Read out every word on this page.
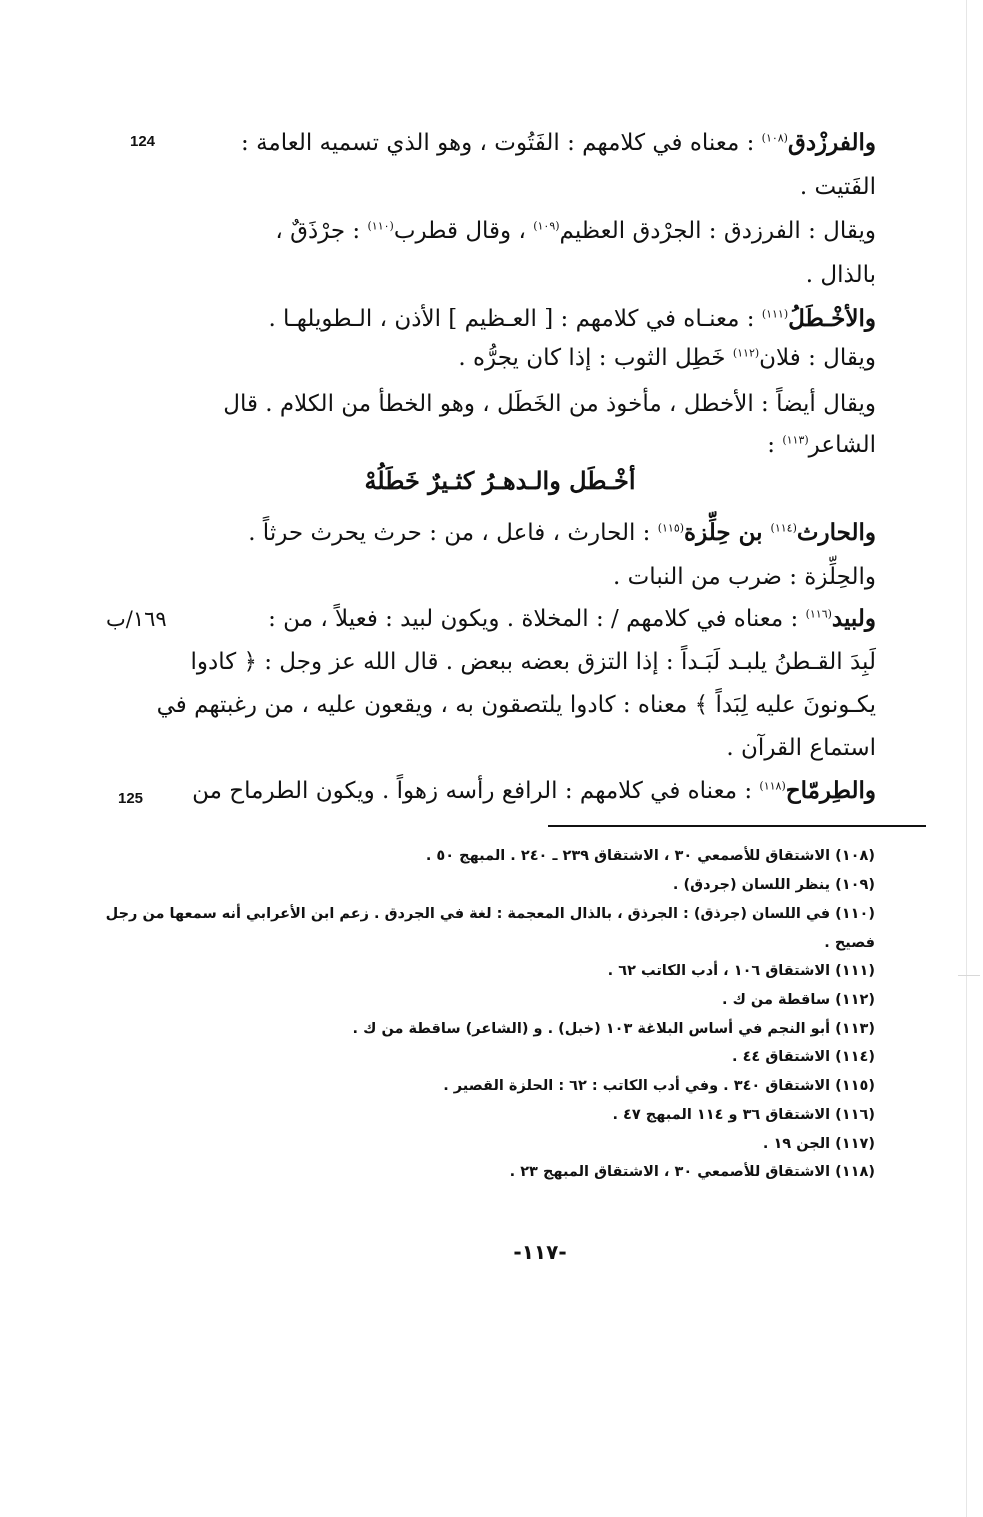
124
125
١٦٩/ب
والفرزْدق$^{(١٠٨)}$ : معناه في كلامهم : الفَتُوت ، وهو الذي تسميه العامة :
الفَتيت .
ويقال : الفرزدق : الجرْدق العظيم$^{(١٠٩)}$ ، وقال قطرب$^{(١١٠)}$ : جرْذَقٌ ،
بالذال .
والأخْـطَلُ$^{(١١١)}$ : معنـاه في كلامهم : [ العـظيم ] الأذن ، الـطويلهـا .
ويقال : فلان$^{(١١٢)}$ خَطِل الثوب : إذا كان يجرُّه .
ويقال أيضاً : الأخطل ، مأخوذ من الخَطَل ، وهو الخطأ من الكلام . قال
الشاعر$^{(١١٣)}$ :
أخْـطَل والـدهـرُ كثـيرٌ خَطَلُهْ
والحارث$^{(١١٤)}$ بن حِلِّزة$^{(١١٥)}$ : الحارث ، فاعل ، من : حرث يحرث حرثاً .
والحِلِّزة : ضرب من النبات .
ولبيد$^{(١١٦)}$ : معناه في كلامهم / : المخلاة . ويكون لبيد : فعيلاً ، من :
لَبِدَ القـطنُ يلبـد لَبَـداً : إذا التزق بعضه ببعض . قال الله عز وجل : ﴿ كادوا
يكـونونَ عليه لِبَداً ﴾ معناه : كادوا يلتصقون به ، ويقعون عليه ، من رغبتهم في
استماع القرآن .
والطِرمّاح$^{(١١٨)}$ : معناه في كلامهم : الرافع رأسه زهواً . ويكون الطرماح من
(١٠٨) الاشتقاق للأصمعي ٣٠ ، الاشتقاق ٢٣٩ ـ ٢٤٠ . المبهج ٥٠ .
(١٠٩) ينظر اللسان (جردق) .
(١١٠) في اللسان (جرذق) : الجرذق ، بالذال المعجمة : لغة في الجردق . زعم ابن الأعرابي أنه سمعها من رجل
فصيح .
(١١١) الاشتقاق ١٠٦ ، أدب الكاتب ٦٢ .
(١١٢) ساقطة من ك .
(١١٣) أبو النجم في أساس البلاغة ١٠٣ (خبل) . و (الشاعر) ساقطة من ك .
(١١٤) الاشتقاق ٤٤ .
(١١٥) الاشتقاق ٣٤٠ . وفي أدب الكاتب : ٦٢ : الحلزة القصير .
(١١٦) الاشتقاق ٣٦ و ١١٤ المبهج ٤٧ .
(١١٧) الجن ١٩ .
(١١٨) الاشتقاق للأصمعي ٣٠ ، الاشتقاق المبهج ٢٣ .
-١١٧-
